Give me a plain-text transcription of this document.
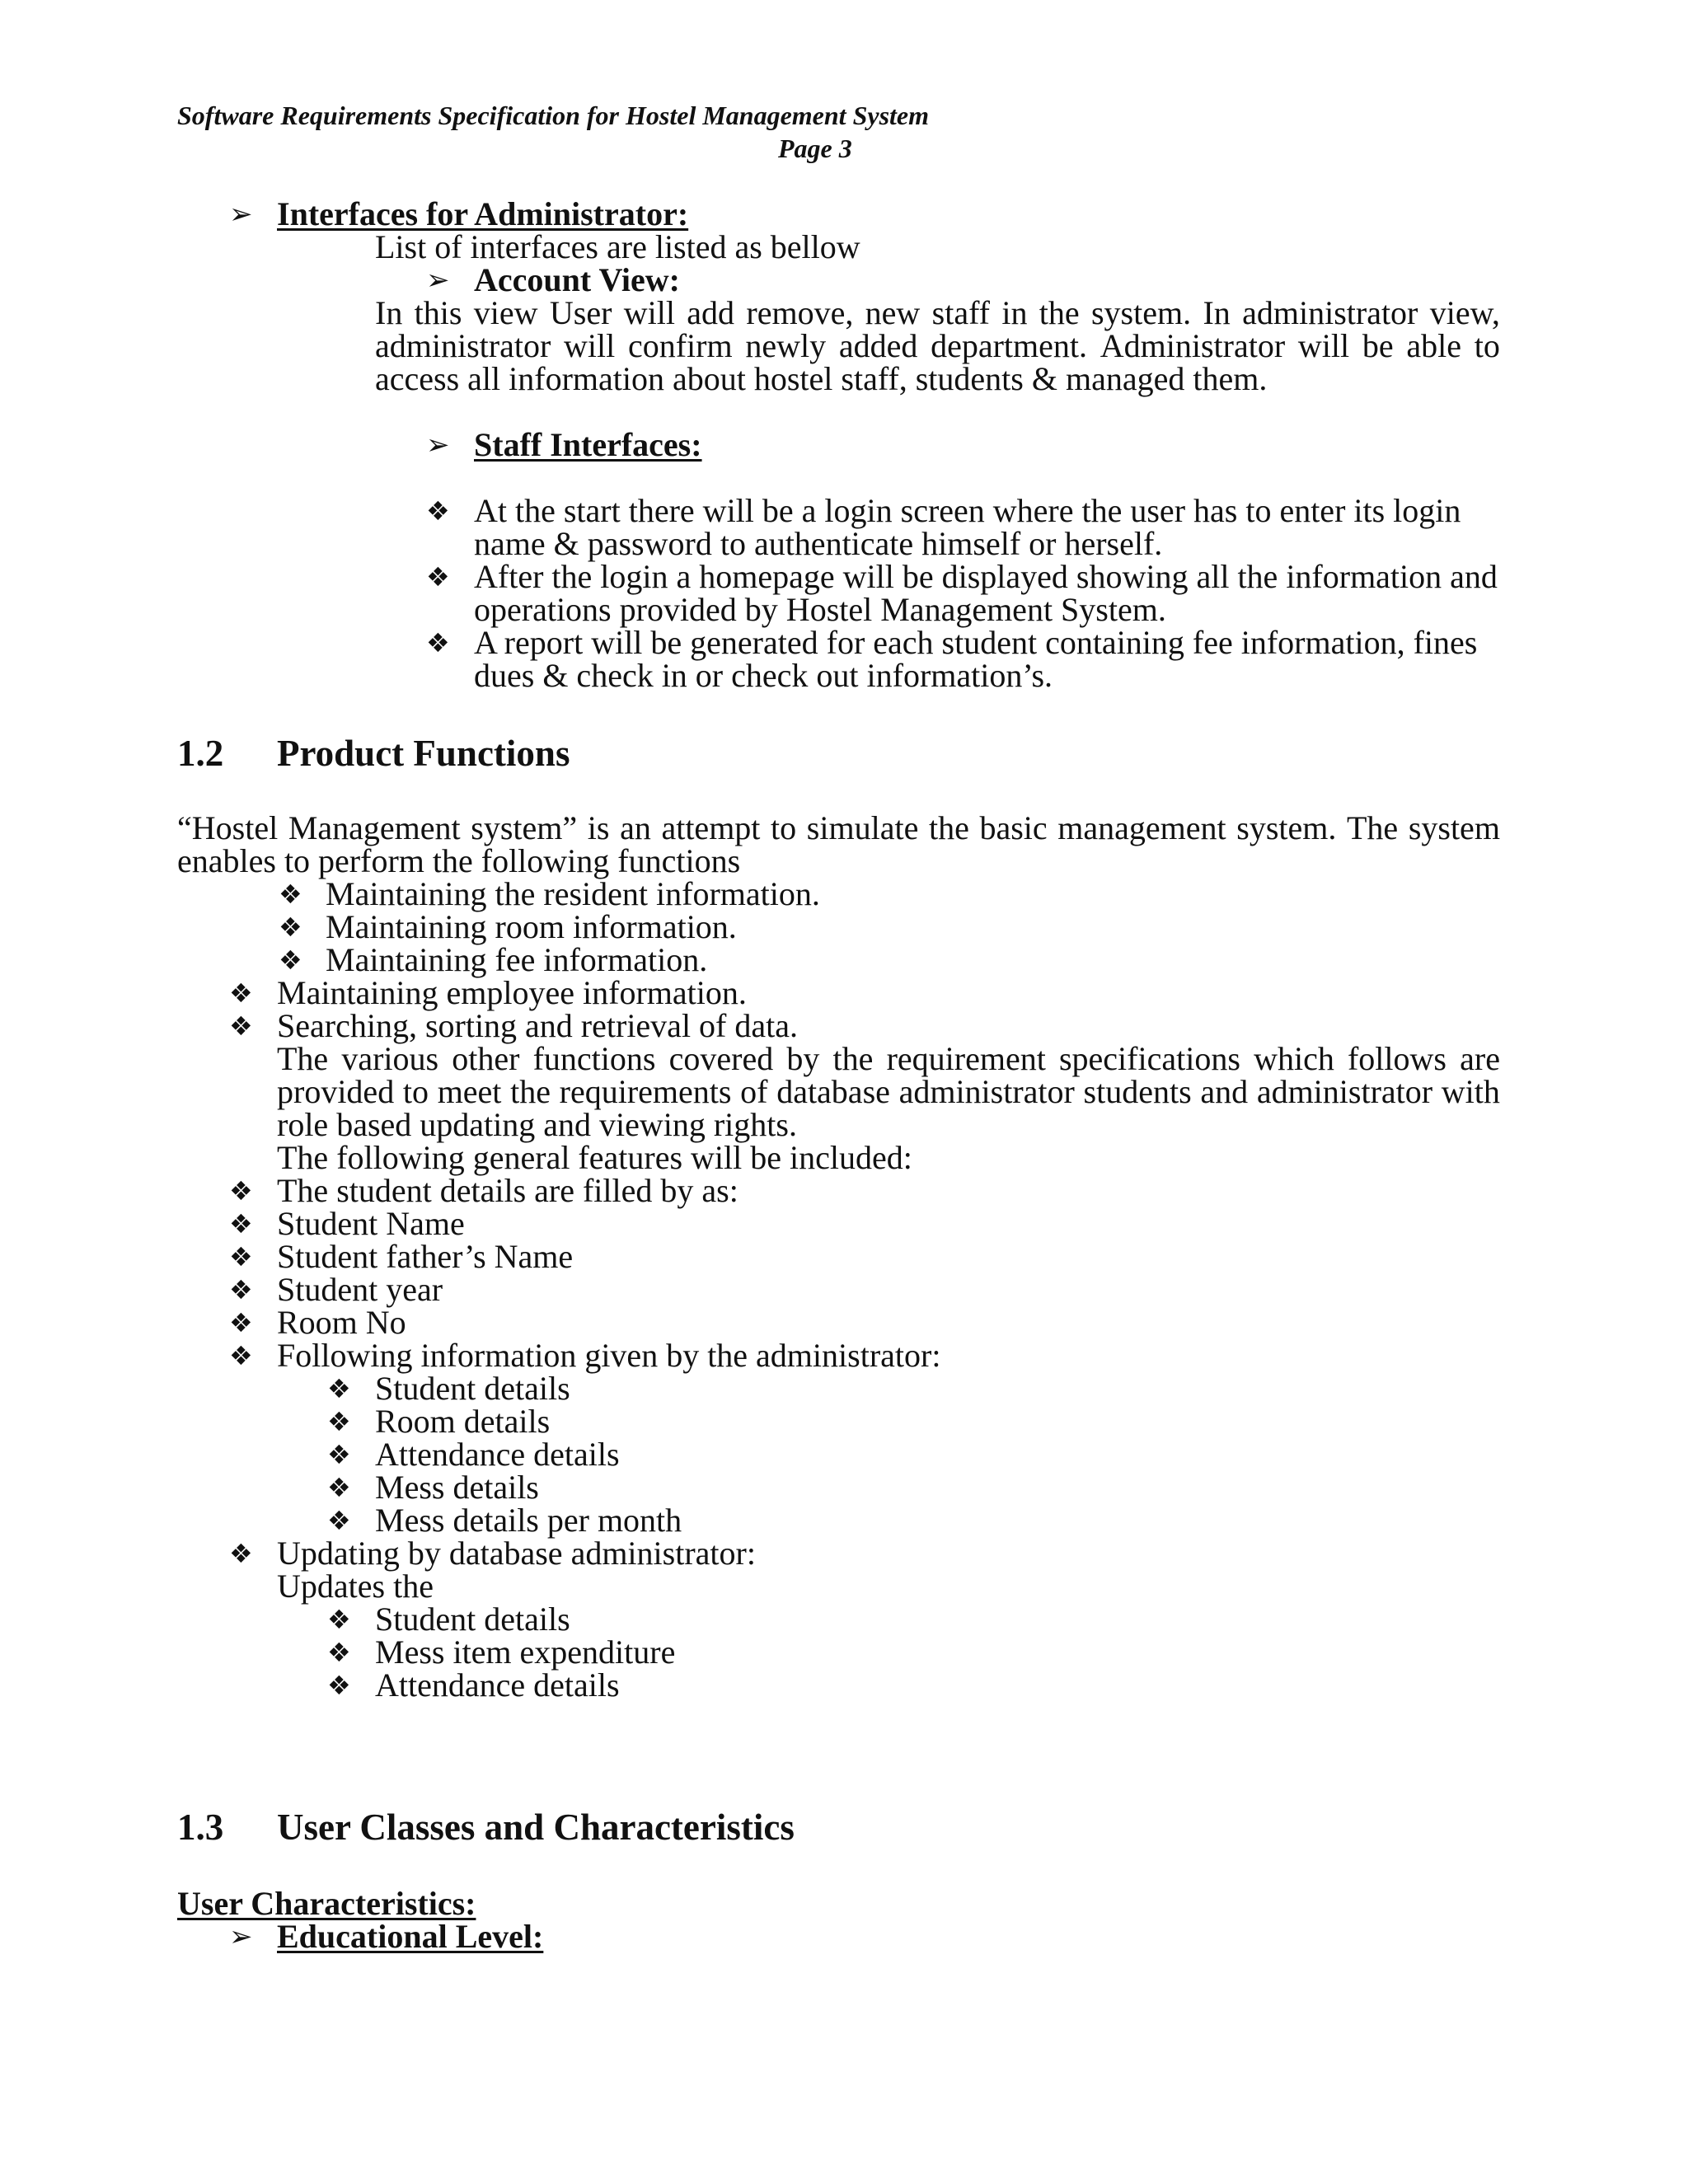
Software Requirements Specification for Hostel Management System
Page 3
➢ Interfaces for Administrator:
List of interfaces are listed as bellow
➢ Account View:
In this view User will add remove, new staff in the system. In administrator view,
administrator will confirm newly added department. Administrator will be able to
access all information about hostel staff, students & managed them.
➢ Staff Interfaces:
❖ At the start there will be a login screen where the user has to enter its login
name & password to authenticate himself or herself.
❖ After the login a homepage will be displayed showing all the information and
operations provided by Hostel Management System.
❖ A report will be generated for each student containing fee information, fines
dues & check in or check out information’s.
1.2 Product Functions
“Hostel Management system” is an attempt to simulate the basic management system. The system
enables to perform the following functions
❖ Maintaining the resident information.
❖ Maintaining room information.
❖ Maintaining fee information.
❖ Maintaining employee information.
❖ Searching, sorting and retrieval of data.
The various other functions covered by the requirement specifications which follows are
provided to meet the requirements of database administrator students and administrator with
role based updating and viewing rights.
The following general features will be included:
❖ The student details are filled by as:
❖ Student Name
❖ Student father’s Name
❖ Student year
❖ Room No
❖ Following information given by the administrator:
❖ Student details
❖ Room details
❖ Attendance details
❖ Mess details
❖ Mess details per month
❖ Updating by database administrator:
Updates the
❖ Student details
❖ Mess item expenditure
❖ Attendance details
1.3 User Classes and Characteristics
User Characteristics:
➢ Educational Level:
